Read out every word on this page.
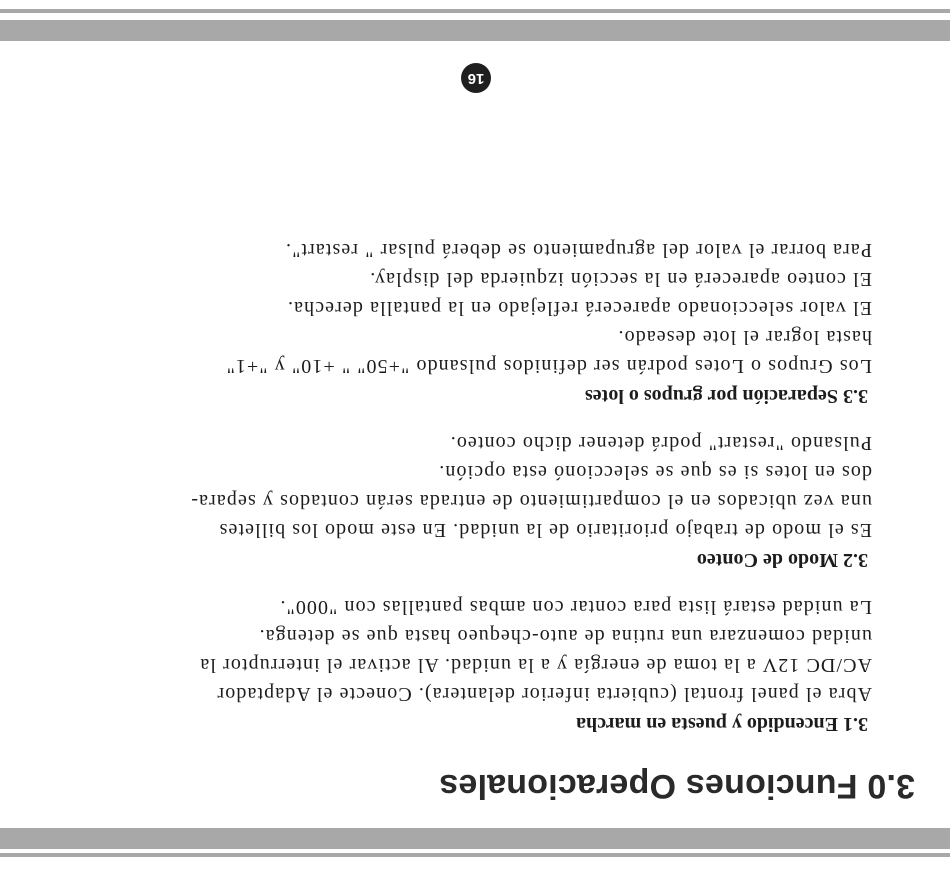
3.0 Funciones Operacionales
3.1 Encendido y puesta en marcha
Abra el panel frontal (cubierta inferior delantera). Conecte el Adaptador
AC/DC 12V a la toma de energía y a la unidad. Al activar el interruptor la
unidad comenzara una rutina de auto-chequeo hasta que se detenga.
La unidad estará lista para contar con ambas pantallas con "000".
3.2 Modo de Conteo
Es el modo de trabajo prioritario de la unidad. En este modo los billetes
una vez ubicados en el compartimiento de entrada serán contados y separa-
dos en lotes si es que se seleccionó esta opción.
Pulsando "restart" podrá detener dicho conteo.
3.3 Separación por grupos o lotes
Los Grupos o Lotes podrán ser definidos pulsando "+50" " +10" y "+1"
hasta lograr el lote deseado.
El valor seleccionado aparecerá reflejado en la pantalla derecha.
El conteo aparecerá en la sección izquierda del display.
Para borrar el valor del agrupamiento se deberá pulsar " restart".
16
